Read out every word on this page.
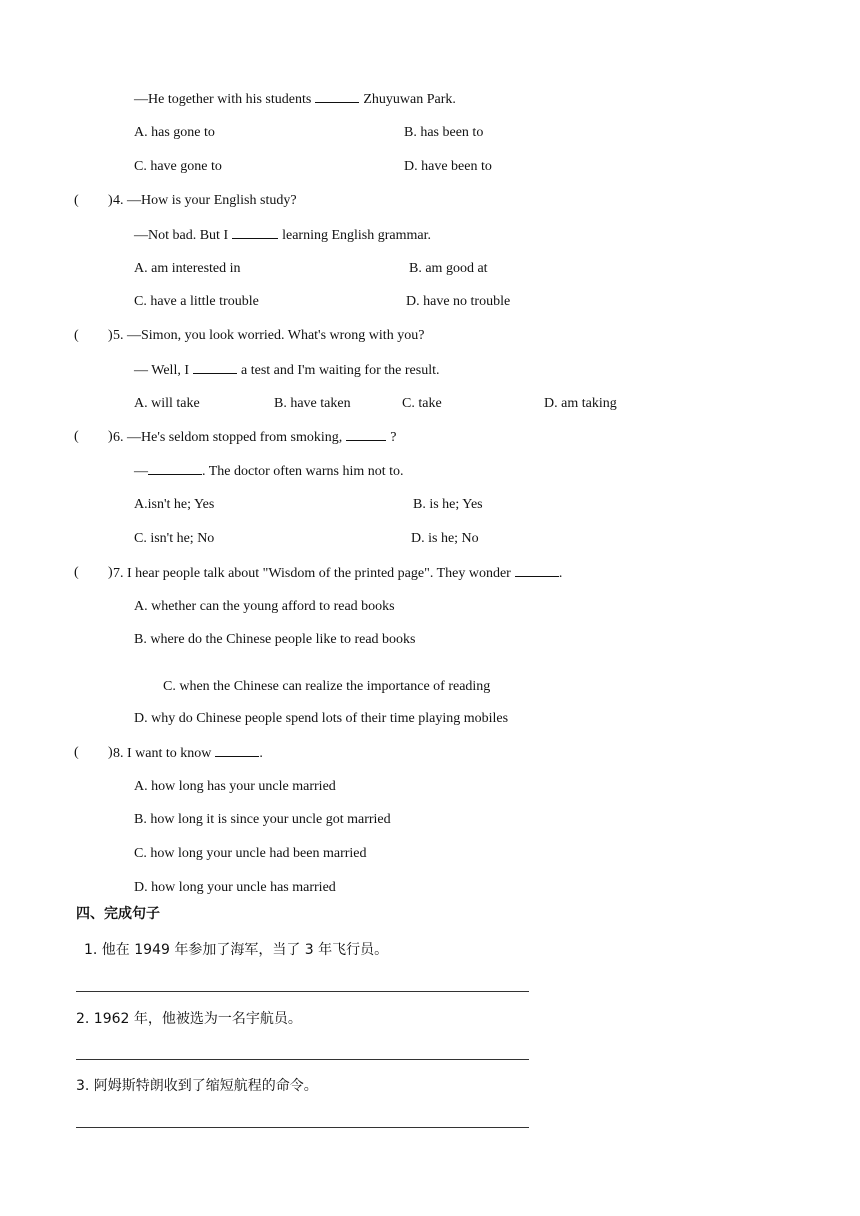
—He together with his students	Zhuyuwan Park.
A. has gone to	B. has been to
C. have gone to	D. have been to
( ) 4. —How is your English study?
—Not bad. But I	learning English grammar.
A. am interested in	B. am good at
C. have a little trouble	D. have no trouble
( ) 5. —Simon, you look worried. What's wrong with you?
— Well, I	a test and I'm waiting for the result.
A. will take	B. have taken	C. take	D. am taking
( ) 6. —He's seldom stopped from smoking,	?
—	. The doctor often warns him not to.
A.isn't he; Yes	B. is he; Yes
C. isn't he; No	D. is he; No
( ) 7. I hear people talk about "Wisdom of the printed page". They wonder	.
A. whether can the young afford to read books
B. where do the Chinese people like to read books
C. when the Chinese can realize the importance of reading
D. why do Chinese people spend lots of their time playing mobiles
( ) 8. I want to know	.
A. how long has your uncle married
B. how long it is since your uncle got married
C. how long your uncle had been married
D. how long your uncle has married
四、完成句子
1. 他在 1949 年参加了海军，当了 3 年飞行员。
2. 1962 年，他被选为一名宇航员。
3. 阿姆斯特朗收到了缩短航程的命令。
